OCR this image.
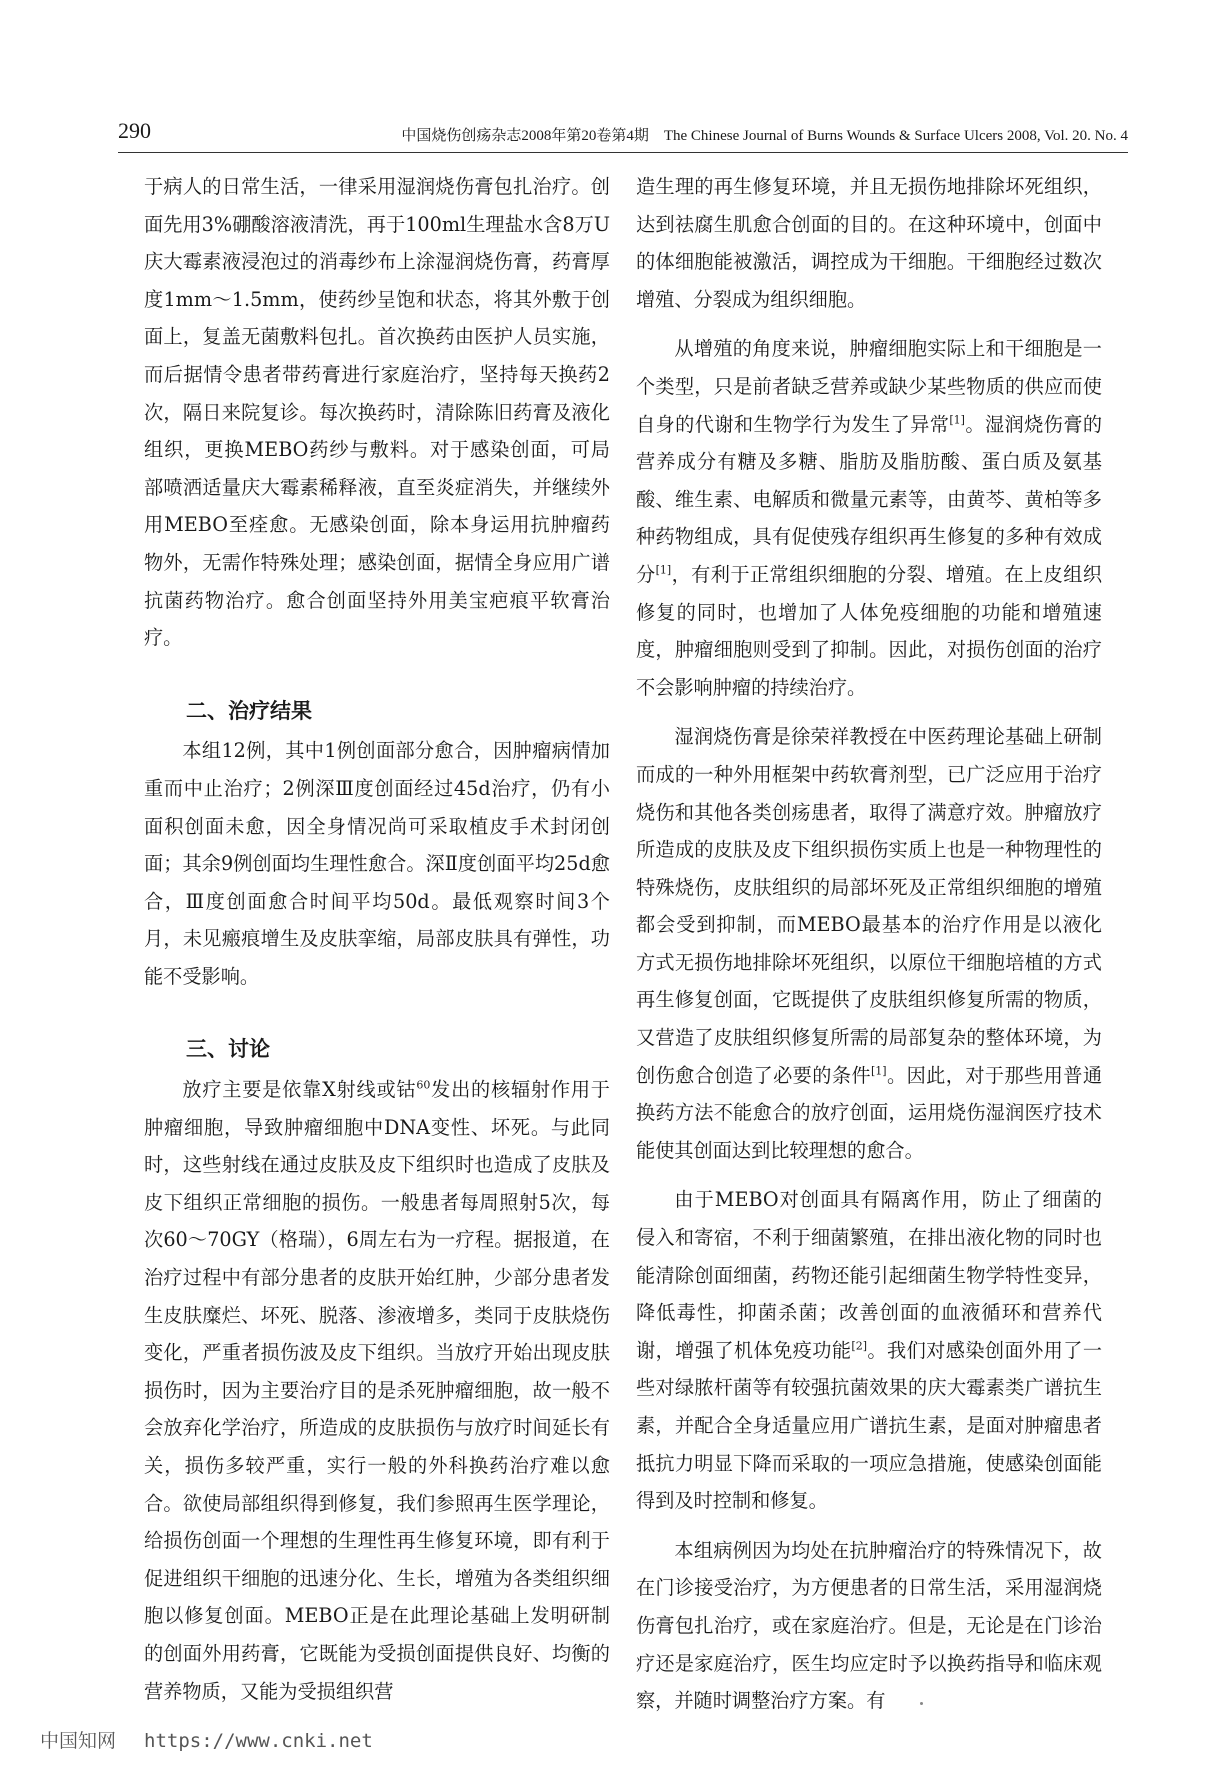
290	中国烧伤创疡杂志2008年第20卷第4期　The Chinese Journal of Burns Wounds & Surface Ulcers 2008, Vol. 20. No. 4

于病人的日常生活，一律采用湿润烧伤膏包扎治疗。创面先用3%硼酸溶液清洗，再于100ml生理盐水含8万U庆大霉素液浸泡过的消毒纱布上涂湿润烧伤膏，药膏厚度1mm～1.5mm，使药纱呈饱和状态，将其外敷于创面上，复盖无菌敷料包扎。首次换药由医护人员实施，而后据情令患者带药膏进行家庭治疗，坚持每天换药2次，隔日来院复诊。每次换药时，清除陈旧药膏及液化组织，更换MEBO药纱与敷料。对于感染创面，可局部喷洒适量庆大霉素稀释液，直至炎症消失，并继续外用MEBO至痊愈。无感染创面，除本身运用抗肿瘤药物外，无需作特殊处理；感染创面，据情全身应用广谱抗菌药物治疗。愈合创面坚持外用美宝疤痕平软膏治疗。

二、治疗结果

本组12例，其中1例创面部分愈合，因肿瘤病情加重而中止治疗；2例深Ⅲ度创面经过45d治疗，仍有小面积创面未愈，因全身情况尚可采取植皮手术封闭创面；其余9例创面均生理性愈合。深Ⅱ度创面平均25d愈合，Ⅲ度创面愈合时间平均50d。最低观察时间3个月，未见瘢痕增生及皮肤挛缩，局部皮肤具有弹性，功能不受影响。

三、讨论

放疗主要是依靠X射线或钴$^{60}$发出的核辐射作用于肿瘤细胞，导致肿瘤细胞中DNA变性、坏死。与此同时，这些射线在通过皮肤及皮下组织时也造成了皮肤及皮下组织正常细胞的损伤。一般患者每周照射5次，每次60～70GY（格瑞），6周左右为一疗程。据报道，在治疗过程中有部分患者的皮肤开始红肿，少部分患者发生皮肤糜烂、坏死、脱落、渗液增多，类同于皮肤烧伤变化，严重者损伤波及皮下组织。当放疗开始出现皮肤损伤时，因为主要治疗目的是杀死肿瘤细胞，故一般不会放弃化学治疗，所造成的皮肤损伤与放疗时间延长有关，损伤多较严重，实行一般的外科换药治疗难以愈合。欲使局部组织得到修复，我们参照再生医学理论，给损伤创面一个理想的生理性再生修复环境，即有利于促进组织干细胞的迅速分化、生长，增殖为各类组织细胞以修复创面。MEBO正是在此理论基础上发明研制的创面外用药膏，它既能为受损创面提供良好、均衡的营养物质，又能为受损组织营

造生理的再生修复环境，并且无损伤地排除坏死组织，达到祛腐生肌愈合创面的目的。在这种环境中，创面中的体细胞能被激活，调控成为干细胞。干细胞经过数次增殖、分裂成为组织细胞。

从增殖的角度来说，肿瘤细胞实际上和干细胞是一个类型，只是前者缺乏营养或缺少某些物质的供应而使自身的代谢和生物学行为发生了异常[1]。湿润烧伤膏的营养成分有糖及多糖、脂肪及脂肪酸、蛋白质及氨基酸、维生素、电解质和微量元素等，由黄芩、黄柏等多种药物组成，具有促使残存组织再生修复的多种有效成分[1]，有利于正常组织细胞的分裂、增殖。在上皮组织修复的同时，也增加了人体免疫细胞的功能和增殖速度，肿瘤细胞则受到了抑制。因此，对损伤创面的治疗不会影响肿瘤的持续治疗。

湿润烧伤膏是徐荣祥教授在中医药理论基础上研制而成的一种外用框架中药软膏剂型，已广泛应用于治疗烧伤和其他各类创疡患者，取得了满意疗效。肿瘤放疗所造成的皮肤及皮下组织损伤实质上也是一种物理性的特殊烧伤，皮肤组织的局部坏死及正常组织细胞的增殖都会受到抑制，而MEBO最基本的治疗作用是以液化方式无损伤地排除坏死组织，以原位干细胞培植的方式再生修复创面，它既提供了皮肤组织修复所需的物质，又营造了皮肤组织修复所需的局部复杂的整体环境，为创伤愈合创造了必要的条件[1]。因此，对于那些用普通换药方法不能愈合的放疗创面，运用烧伤湿润医疗技术能使其创面达到比较理想的愈合。

由于MEBO对创面具有隔离作用，防止了细菌的侵入和寄宿，不利于细菌繁殖，在排出液化物的同时也能清除创面细菌，药物还能引起细菌生物学特性变异，降低毒性，抑菌杀菌；改善创面的血液循环和营养代谢，增强了机体免疫功能[2]。我们对感染创面外用了一些对绿脓杆菌等有较强抗菌效果的庆大霉素类广谱抗生素，并配合全身适量应用广谱抗生素，是面对肿瘤患者抵抗力明显下降而采取的一项应急措施，使感染创面能得到及时控制和修复。

本组病例因为均处在抗肿瘤治疗的特殊情况下，故在门诊接受治疗，为方便患者的日常生活，采用湿润烧伤膏包扎治疗，或在家庭治疗。但是，无论是在门诊治疗还是家庭治疗，医生均应定时予以换药指导和临床观察，并随时调整治疗方案。有

中国知网 https://www.cnki.net
